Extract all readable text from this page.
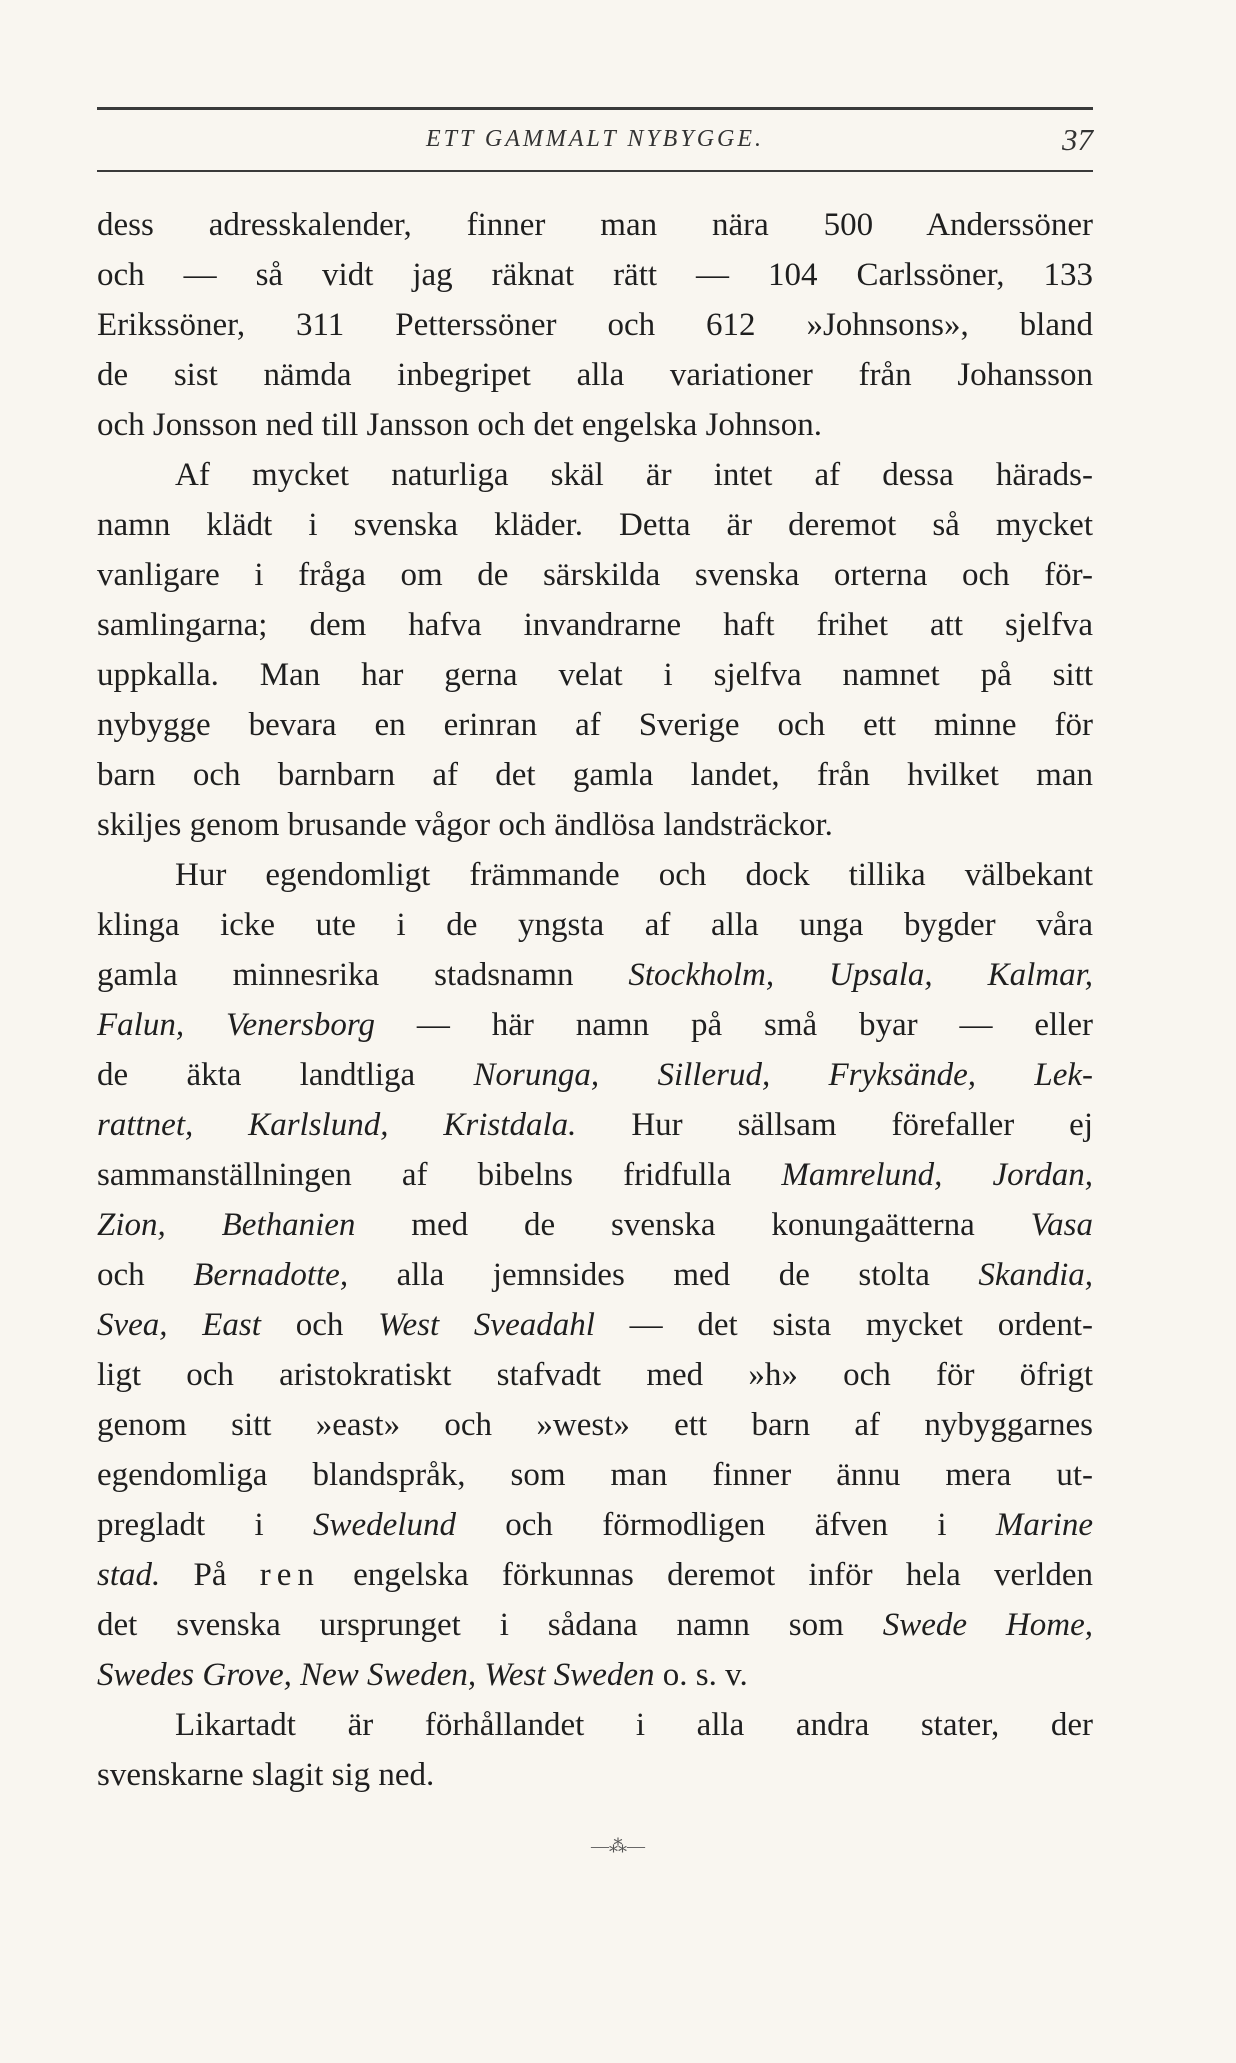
ETT GAMMALT NYBYGGE.	37
dess adresskalender, finner man nära 500 Anderssöner
och — så vidt jag räknat rätt — 104 Carlssöner, 133
Erikssöner, 311 Petterssöner och 612 »Johnsons», bland
de sist nämda inbegripet alla variationer från Johansson
och Jonsson ned till Jansson och det engelska Johnson.
Af mycket naturliga skäl är intet af dessa härads-
namn klädt i svenska kläder. Detta är deremot så mycket
vanligare i fråga om de särskilda svenska orterna och för-
samlingarna; dem hafva invandrarne haft frihet att sjelfva
uppkalla. Man har gerna velat i sjelfva namnet på sitt
nybygge bevara en erinran af Sverige och ett minne för
barn och barnbarn af det gamla landet, från hvilket man
skiljes genom brusande vågor och ändlösa landsträckor.
Hur egendomligt främmande och dock tillika välbekant
klinga icke ute i de yngsta af alla unga bygder våra
gamla minnesrika stadsnamn Stockholm, Upsala, Kalmar,
Falun, Venersborg — här namn på små byar — eller
de äkta landtliga Norunga, Sillerud, Fryksände, Lek-
rattnet, Karlslund, Kristdala. Hur sällsam förefaller ej
sammanställningen af bibelns fridfulla Mamrelund, Jordan,
Zion, Bethanien med de svenska konungaätterna Vasa
och Bernadotte, alla jemnsides med de stolta Skandia,
Svea, East och West Sveadahl — det sista mycket ordent-
ligt och aristokratiskt stafvadt med »h» och för öfrigt
genom sitt »east» och »west» ett barn af nybyggarnes
egendomliga blandspråk, som man finner ännu mera ut-
pregladt i Swedelund och förmodligen äfven i Marine
stad. På ren engelska förkunnas deremot inför hela verlden
det svenska ursprunget i sådana namn som Swede Home,
Swedes Grove, New Sweden, West Sweden o. s. v.
Likartadt är förhållandet i alla andra stater, der
svenskarne slagit sig ned.
—⁂—
